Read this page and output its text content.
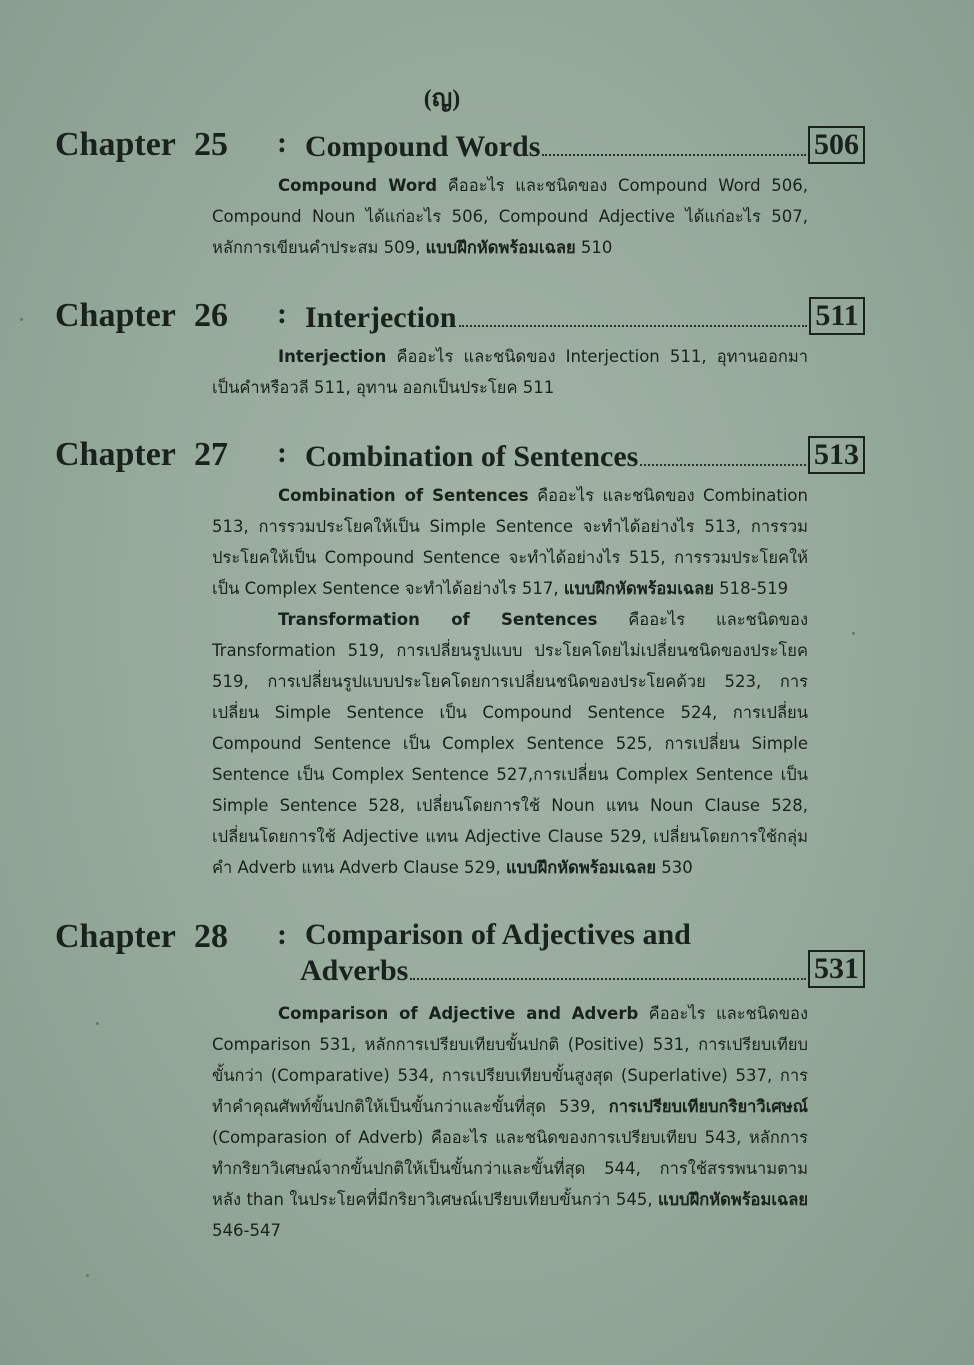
(ญ)
Chapter 25 : Compound Words	506

Compound Word คืออะไร และชนิดของ Compound Word 506, Compound Noun ได้แก่อะไร 506, Compound Adjective ได้แก่อะไร 507, หลักการเขียนคำประสม 509, แบบฝึกหัดพร้อมเฉลย 510

Chapter 26 : Interjection	511

Interjection คืออะไร และชนิดของ Interjection 511, อุทานออกมาเป็นคำหรือวลี 511, อุทาน ออกเป็นประโยค 511

Chapter 27 : Combination of Sentences	513

Combination of Sentences คืออะไร และชนิดของ Combination 513, การรวมประโยคให้เป็น Simple Sentence จะทำได้อย่างไร 513, การรวมประโยคให้เป็น Compound Sentence จะทำได้อย่างไร 515, การรวมประโยคให้เป็น Complex Sentence จะทำได้อย่างไร 517, แบบฝึกหัดพร้อมเฉลย 518-519

Transformation of Sentences คืออะไร และชนิดของ Transformation 519, การเปลี่ยนรูปแบบ ประโยคโดยไม่เปลี่ยนชนิดของประโยค 519, การเปลี่ยนรูปแบบประโยคโดยการเปลี่ยนชนิดของประโยคด้วย 523, การเปลี่ยน Simple Sentence เป็น Compound Sentence 524, การเปลี่ยน Compound Sentence เป็น Complex Sentence 525, การเปลี่ยน Simple Sentence เป็น Complex Sentence 527,การเปลี่ยน Complex Sentence เป็น Simple Sentence 528, เปลี่ยนโดยการใช้ Noun แทน Noun Clause 528, เปลี่ยนโดยการใช้ Adjective แทน Adjective Clause 529, เปลี่ยนโดยการใช้กลุ่มคำ Adverb แทน Adverb Clause 529, แบบฝึกหัดพร้อมเฉลย 530

Chapter 28 : Comparison of Adjectives and
Adverbs	531

Comparison of Adjective and Adverb คืออะไร และชนิดของ Comparison 531, หลักการเปรียบเทียบขั้นปกติ (Positive) 531, การเปรียบเทียบขั้นกว่า (Comparative) 534, การเปรียบเทียบขั้นสูงสุด (Superlative) 537, การทำคำคุณศัพท์ขั้นปกติให้เป็นขั้นกว่าและขั้นที่สุด 539, การเปรียบเทียบกริยาวิเศษณ์ (Comparasion of Adverb) คืออะไร และชนิดของการเปรียบเทียบ 543, หลักการทำกริยาวิเศษณ์จากขั้นปกติให้เป็นขั้นกว่าและขั้นที่สุด 544, การใช้สรรพนามตามหลัง than ในประโยคที่มีกริยาวิเศษณ์เปรียบเทียบขั้นกว่า 545, แบบฝึกหัดพร้อมเฉลย 546-547
